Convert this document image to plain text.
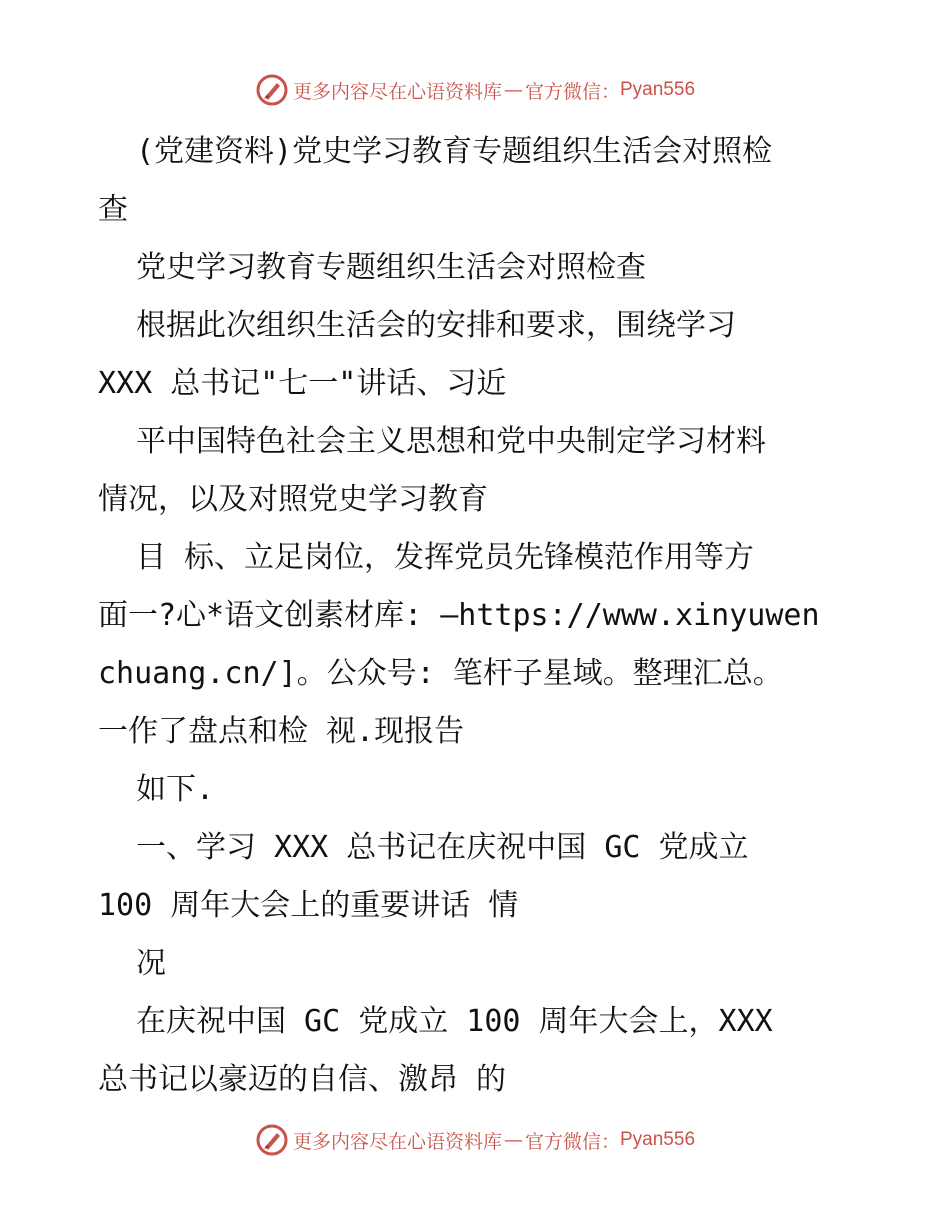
更多内容尽在心语资料库 — 官方微信： Pyan556
(党建资料)党史学习教育专题组织生活会对照检
查
党史学习教育专题组织生活会对照检查
根据此次组织生活会的安排和要求，围绕学习
XXX 总书记"七一"讲话、习近
平中国特色社会主义思想和党中央制定学习材料
情况，以及对照党史学习教育
目 标、立足岗位，发挥党员先锋模范作用等方
面一?心*语文创素材库: —https://www.xinyuwen
chuang.cn/]。公众号: 笔杆子星域。整理汇总。
一作了盘点和检 视.现报告
如下.
一、学习 XXX 总书记在庆祝中国 GC 党成立
100 周年大会上的重要讲话 情
况
在庆祝中国 GC 党成立 100 周年大会上，XXX
总书记以豪迈的自信、激昂 的
更多内容尽在心语资料库 — 官方微信： Pyan556
